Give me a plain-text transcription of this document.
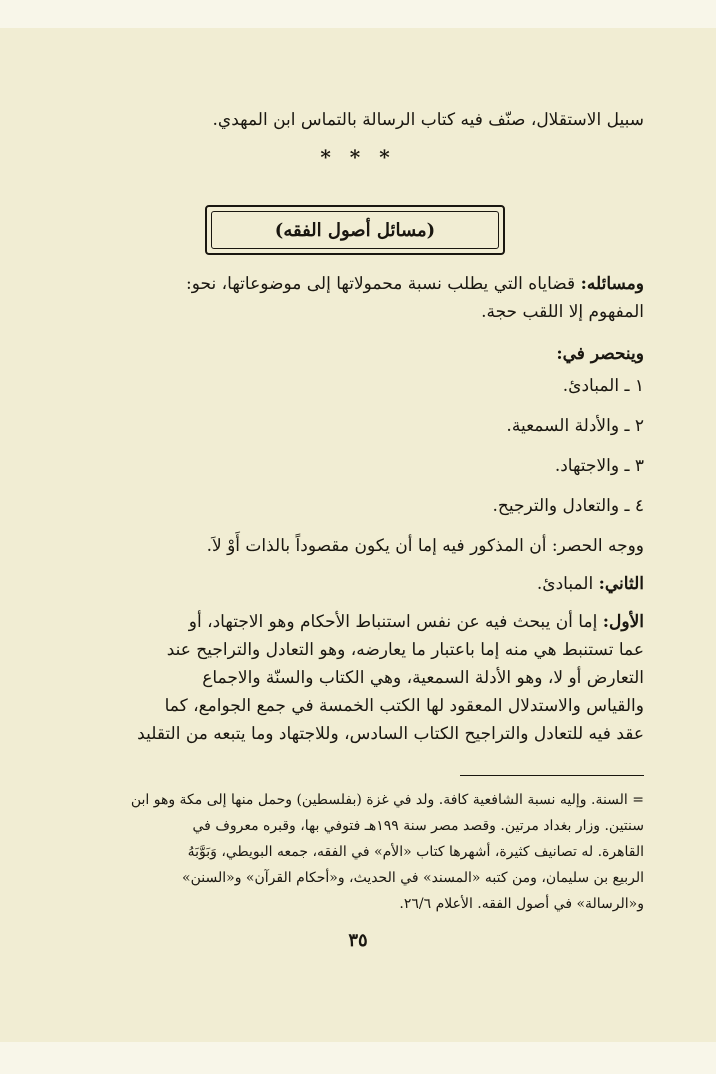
سبيل الاستقلال، صنّف فيه كتاب الرسالة بالتماس ابن المهدي.
* * *
(مسائل أصول الفقه)
ومسائله: قضاياه التي يطلب نسبة محمولاتها إلى موضوعاتها، نحو:
المفهوم إلا اللقب حجة.
وينحصر في:
١ ـ المبادئ.
٢ ـ والأدلة السمعية.
٣ ـ والاجتهاد.
٤ ـ والتعادل والترجيح.
ووجه الحصر: أن المذكور فيه إما أن يكون مقصوداً بالذات أَوْ لاَ.
الثاني: المبادئ.
الأول: إما أن يبحث فيه عن نفس استنباط الأحكام وهو الاجتهاد، أو
عما تستنبط هي منه إما باعتبار ما يعارضه، وهو التعادل والتراجيح عند
التعارض أو لا، وهو الأدلة السمعية، وهي الكتاب والسنّة والاجماع
والقياس والاستدلال المعقود لها الكتب الخمسة في جمع الجوامع، كما
عقد فيه للتعادل والتراجيح الكتاب السادس، وللاجتهاد وما يتبعه من التقليد
= السنة. وإليه نسبة الشافعية كافة. ولد في غزة (بفلسطين) وحمل منها إلى مكة وهو ابن
سنتين. وزار بغداد مرتين. وقصد مصر سنة ١٩٩هـ فتوفي بها، وقبره معروف في
القاهرة. له تصانيف كثيرة، أشهرها كتاب «الأم» في الفقه، جمعه البويطي، وَبَوَّبَهُ
الربيع بن سليمان، ومن كتبه «المسند» في الحديث، و«أحكام القرآن» و«السنن»
و«الرسالة» في أصول الفقه. الأعلام ٢٦/٦.
٣٥
